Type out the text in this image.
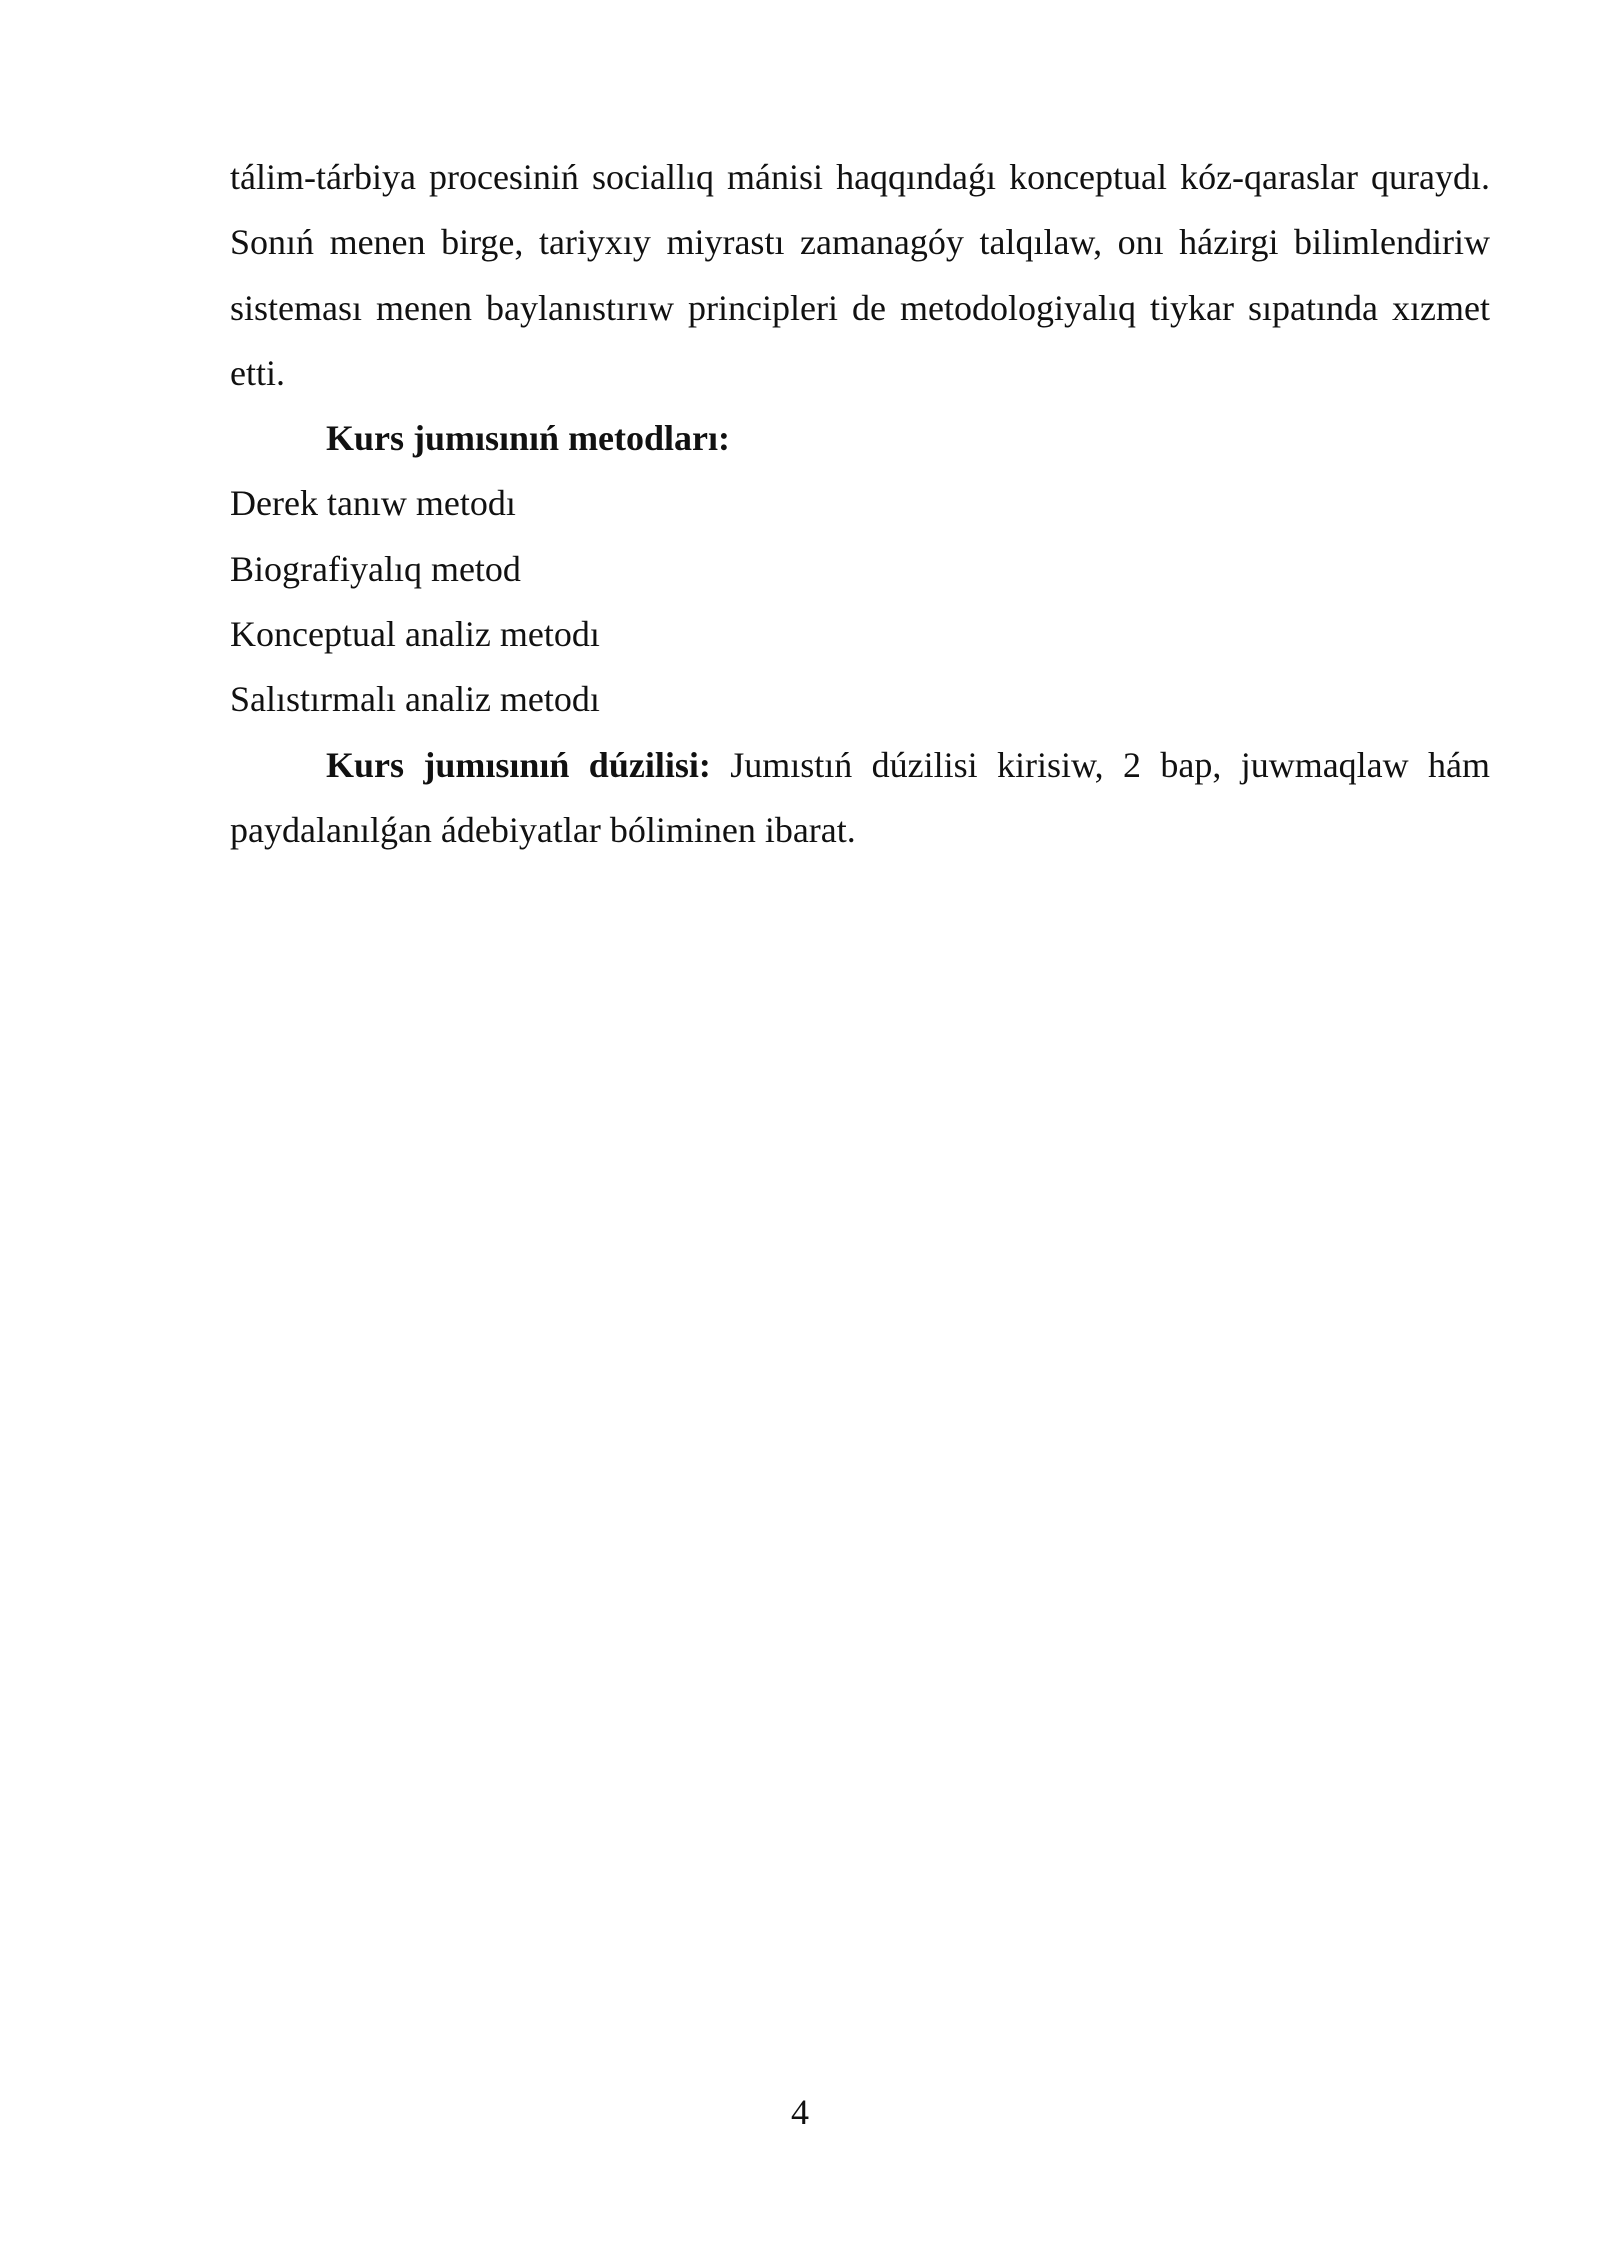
tálim-tárbiya procesiniń sociallıq mánisi haqqındaǵı konceptual kóz-qaraslar quraydı. Sonıń menen birge, tariyxıy miyrastı zamanagóy talqılaw, onı házirgi bilimlendiriw sisteması menen baylanıstırıw principleri de metodologiyalıq tiykar sıpatında xızmet etti.

Kurs jumısınıń metodları:

Derek tanıw metodı

Biografiyalıq metod

Konceptual analiz metodı

Salıstırmalı analiz metodı

Kurs jumısınıń dúzilisi: Jumıstıń dúzilisi kirisiw, 2 bap, juwmaqlaw hám paydalanılǵan ádebiyatlar bóliminen ibarat.

4
